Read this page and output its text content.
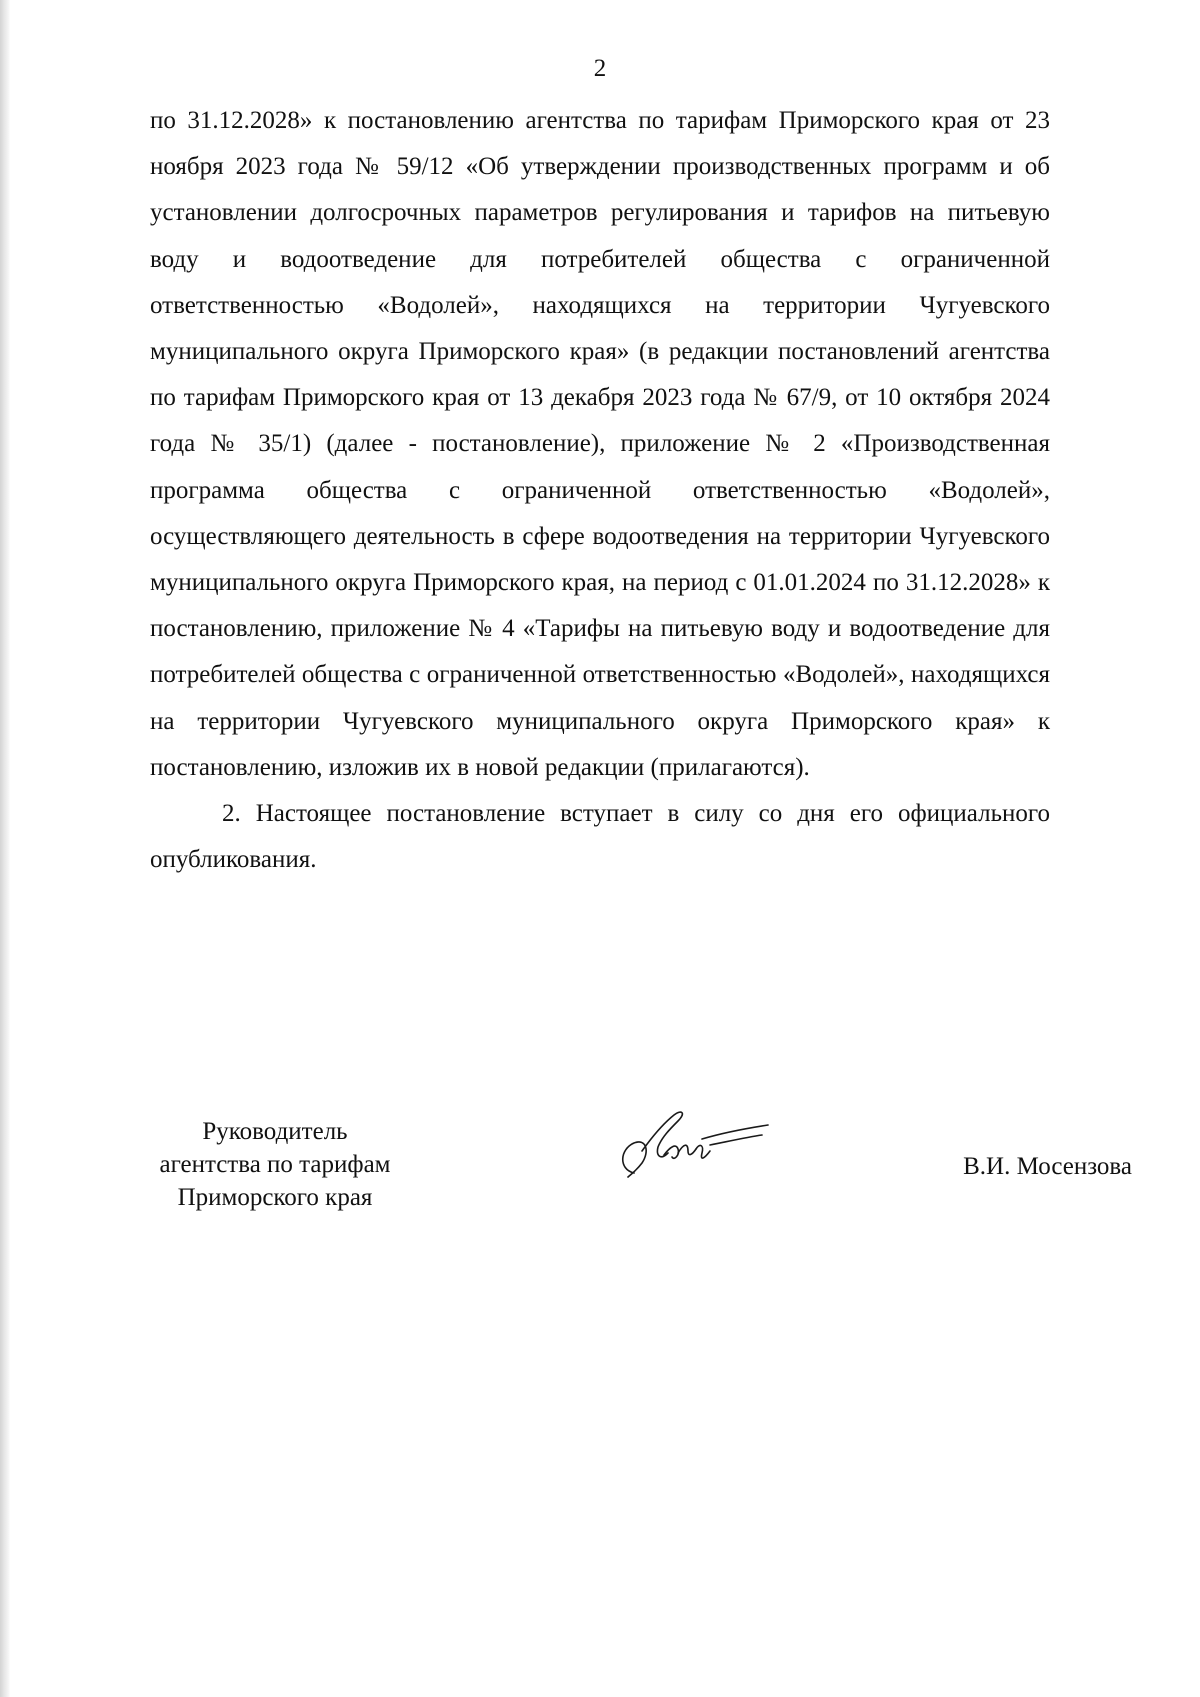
2

по 31.12.2028» к постановлению агентства по тарифам Приморского края от 23 ноября 2023 года № 59/12 «Об утверждении производственных программ и об установлении долгосрочных параметров регулирования и тарифов на питьевую воду и водоотведение для потребителей общества с ограниченной ответственностью «Водолей», находящихся на территории Чугуевского муниципального округа Приморского края» (в редакции постановлений агентства по тарифам Приморского края от 13 декабря 2023 года № 67/9, от 10 октября 2024 года № 35/1) (далее - постановление), приложение № 2 «Производственная программа общества с ограниченной ответственностью «Водолей», осуществляющего деятельность в сфере водоотведения на территории Чугуевского муниципального округа Приморского края, на период с 01.01.2024 по 31.12.2028» к постановлению, приложение № 4 «Тарифы на питьевую воду и водоотведение для потребителей общества с ограниченной ответственностью «Водолей», находящихся на территории Чугуевского муниципального округа Приморского края» к постановлению, изложив их в новой редакции (прилагаются).

2. Настоящее постановление вступает в силу со дня его официального опубликования.

Руководитель
агентства по тарифам
Приморского края
В.И. Мосензова
